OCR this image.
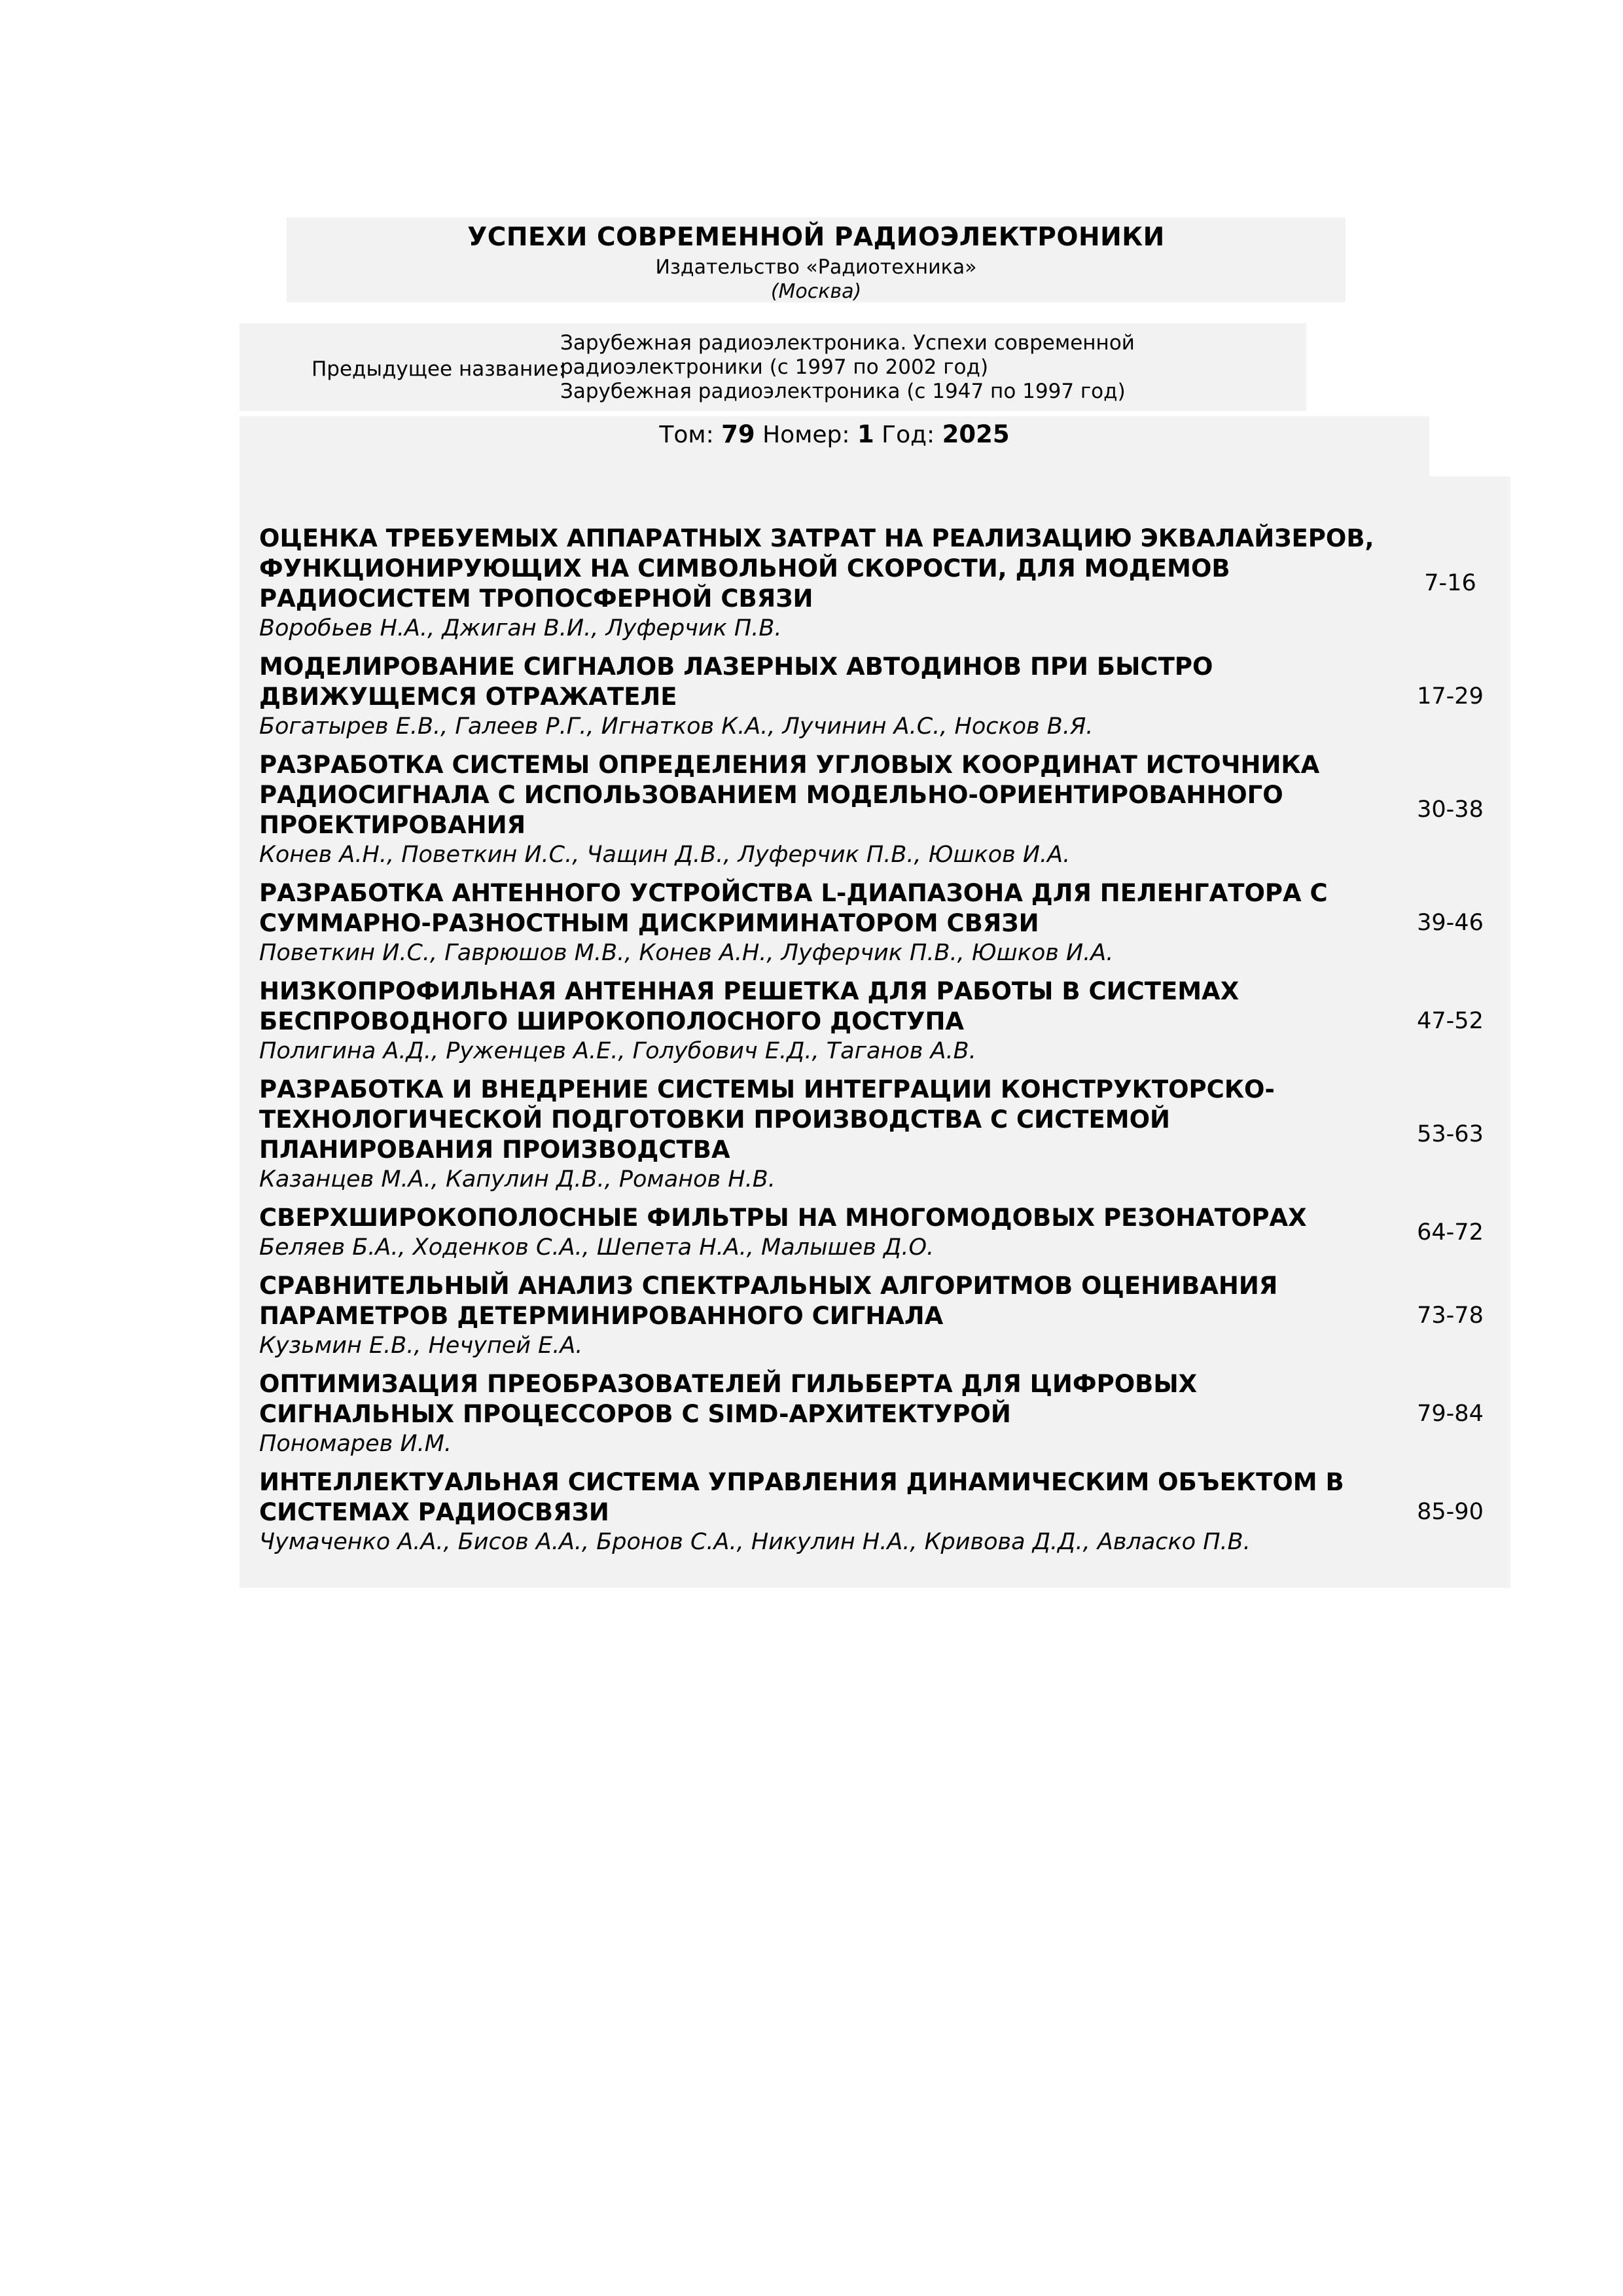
УСПЕХИ СОВРЕМЕННОЙ РАДИОЭЛЕКТРОНИКИ
Издательство «Радиотехника»
(Москва)
Предыдущее название:
Зарубежная радиоэлектроника. Успехи современной
радиоэлектроники (с 1997 по 2002 год)
Зарубежная радиоэлектроника (с 1947 по 1997 год)
Том: 79 Номер: 1 Год: 2025
ОЦЕНКА ТРЕБУЕМЫХ АППАРАТНЫХ ЗАТРАТ НА РЕАЛИЗАЦИЮ ЭКВАЛАЙЗЕРОВ, ФУНКЦИОНИРУЮЩИХ НА СИМВОЛЬНОЙ СКОРОСТИ, ДЛЯ МОДЕМОВ РАДИОСИСТЕМ ТРОПОСФЕРНОЙ СВЯЗИ
Воробьев Н.А., Джиган В.И., Луферчик П.В.
7-16
МОДЕЛИРОВАНИЕ СИГНАЛОВ ЛАЗЕРНЫХ АВТОДИНОВ ПРИ БЫСТРО ДВИЖУЩЕМСЯ ОТРАЖАТЕЛЕ
Богатырев Е.В., Галеев Р.Г., Игнатков К.А., Лучинин А.С., Носков В.Я.
17-29
РАЗРАБОТКА СИСТЕМЫ ОПРЕДЕЛЕНИЯ УГЛОВЫХ КООРДИНАТ ИСТОЧНИКА РАДИОСИГНАЛА С ИСПОЛЬЗОВАНИЕМ МОДЕЛЬНО-ОРИЕНТИРОВАННОГО ПРОЕКТИРОВАНИЯ
Конев А.Н., Поветкин И.С., Чащин Д.В., Луферчик П.В., Юшков И.А.
30-38
РАЗРАБОТКА АНТЕННОГО УСТРОЙСТВА L-ДИАПАЗОНА ДЛЯ ПЕЛЕНГАТОРА С СУММАРНО-РАЗНОСТНЫМ ДИСКРИМИНАТОРОМ СВЯЗИ
Поветкин И.С., Гаврюшов М.В., Конев А.Н., Луферчик П.В., Юшков И.А.
39-46
НИЗКОПРОФИЛЬНАЯ АНТЕННАЯ РЕШЕТКА ДЛЯ РАБОТЫ В СИСТЕМАХ БЕСПРОВОДНОГО ШИРОКОПОЛОСНОГО ДОСТУПА
Полигина А.Д., Руженцев А.Е., Голубович Е.Д., Таганов А.В.
47-52
РАЗРАБОТКА И ВНЕДРЕНИЕ СИСТЕМЫ ИНТЕГРАЦИИ КОНСТРУКТОРСКО-ТЕХНОЛОГИЧЕСКОЙ ПОДГОТОВКИ ПРОИЗВОДСТВА С СИСТЕМОЙ ПЛАНИРОВАНИЯ ПРОИЗВОДСТВА
Казанцев М.А., Капулин Д.В., Романов Н.В.
53-63
СВЕРХШИРОКОПОЛОСНЫЕ ФИЛЬТРЫ НА МНОГОМОДОВЫХ РЕЗОНАТОРАХ
Беляев Б.А., Ходенков С.А., Шепета Н.А., Малышев Д.О.
64-72
СРАВНИТЕЛЬНЫЙ АНАЛИЗ СПЕКТРАЛЬНЫХ АЛГОРИТМОВ ОЦЕНИВАНИЯ ПАРАМЕТРОВ ДЕТЕРМИНИРОВАННОГО СИГНАЛА
Кузьмин Е.В., Нечупей Е.А.
73-78
ОПТИМИЗАЦИЯ ПРЕОБРАЗОВАТЕЛЕЙ ГИЛЬБЕРТА ДЛЯ ЦИФРОВЫХ СИГНАЛЬНЫХ ПРОЦЕССОРОВ С SIMD-АРХИТЕКТУРОЙ
Пономарев И.М.
79-84
ИНТЕЛЛЕКТУАЛЬНАЯ СИСТЕМА УПРАВЛЕНИЯ ДИНАМИЧЕСКИМ ОБЪЕКТОМ В СИСТЕМАХ РАДИОСВЯЗИ
Чумаченко А.А., Бисов А.А., Бронов С.А., Никулин Н.А., Кривова Д.Д., Авласко П.В.
85-90
